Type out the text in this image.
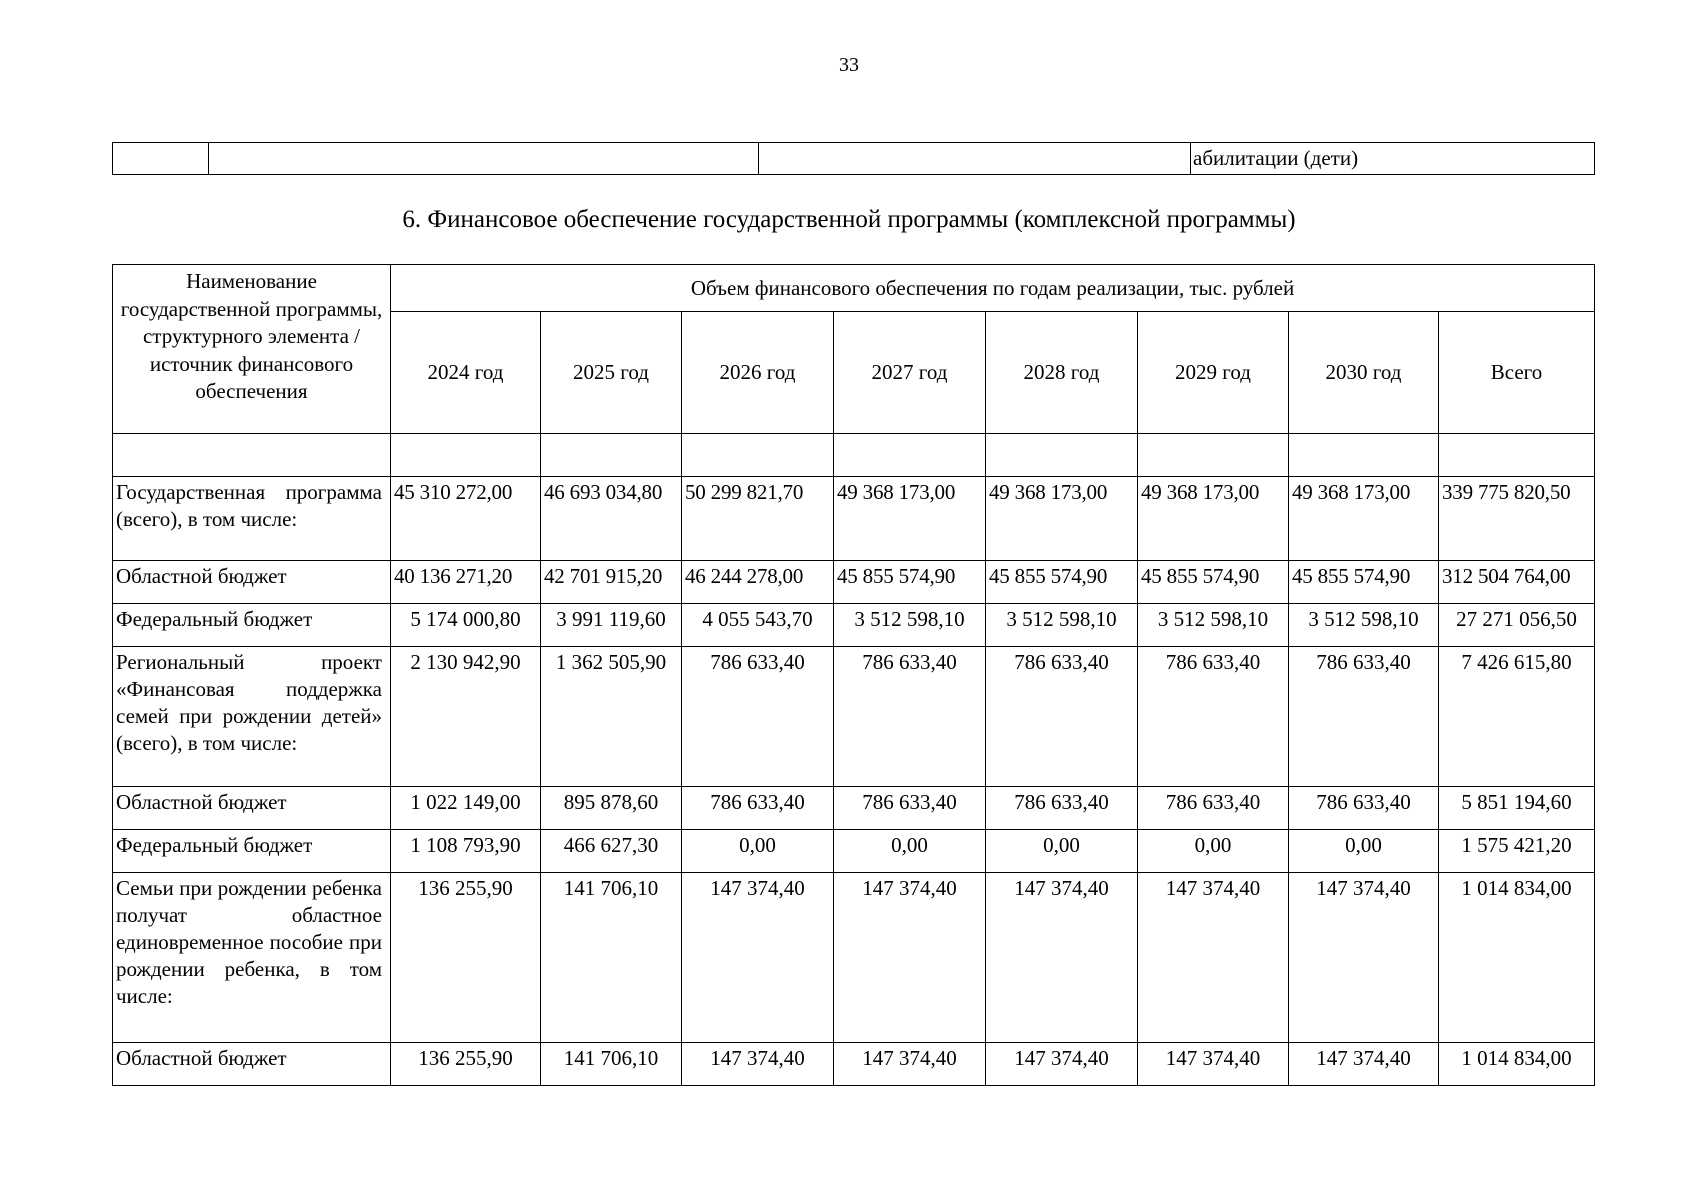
33
			абилитации (дети)
6. Финансовое обеспечение государственной программы (комплексной программы)
Наименование государственной программы, структурного элемента / источник финансового обеспечения	Объем финансового обеспечения по годам реализации, тыс. рублей							
	2024 год	2025 год	2026 год	2027 год	2028 год	2029 год	2030 год	Всего

Государственная программа (всего), в том числе:	45 310 272,00	46 693 034,80	50 299 821,70	49 368 173,00	49 368 173,00	49 368 173,00	49 368 173,00	339 775 820,50
Областной бюджет	40 136 271,20	42 701 915,20	46 244 278,00	45 855 574,90	45 855 574,90	45 855 574,90	45 855 574,90	312 504 764,00
Федеральный бюджет	5 174 000,80	3 991 119,60	4 055 543,70	3 512 598,10	3 512 598,10	3 512 598,10	3 512 598,10	27 271 056,50
Региональный проект «Финансовая поддержка семей при рождении детей» (всего), в том числе:	2 130 942,90	1 362 505,90	786 633,40	786 633,40	786 633,40	786 633,40	786 633,40	7 426 615,80
Областной бюджет	1 022 149,00	895 878,60	786 633,40	786 633,40	786 633,40	786 633,40	786 633,40	5 851 194,60
Федеральный бюджет	1 108 793,90	466 627,30	0,00	0,00	0,00	0,00	0,00	1 575 421,20
Семьи при рождении ребенка получат областное единовременное пособие при рождении ребенка, в том числе:	136 255,90	141 706,10	147 374,40	147 374,40	147 374,40	147 374,40	147 374,40	1 014 834,00
Областной бюджет	136 255,90	141 706,10	147 374,40	147 374,40	147 374,40	147 374,40	147 374,40	1 014 834,00
